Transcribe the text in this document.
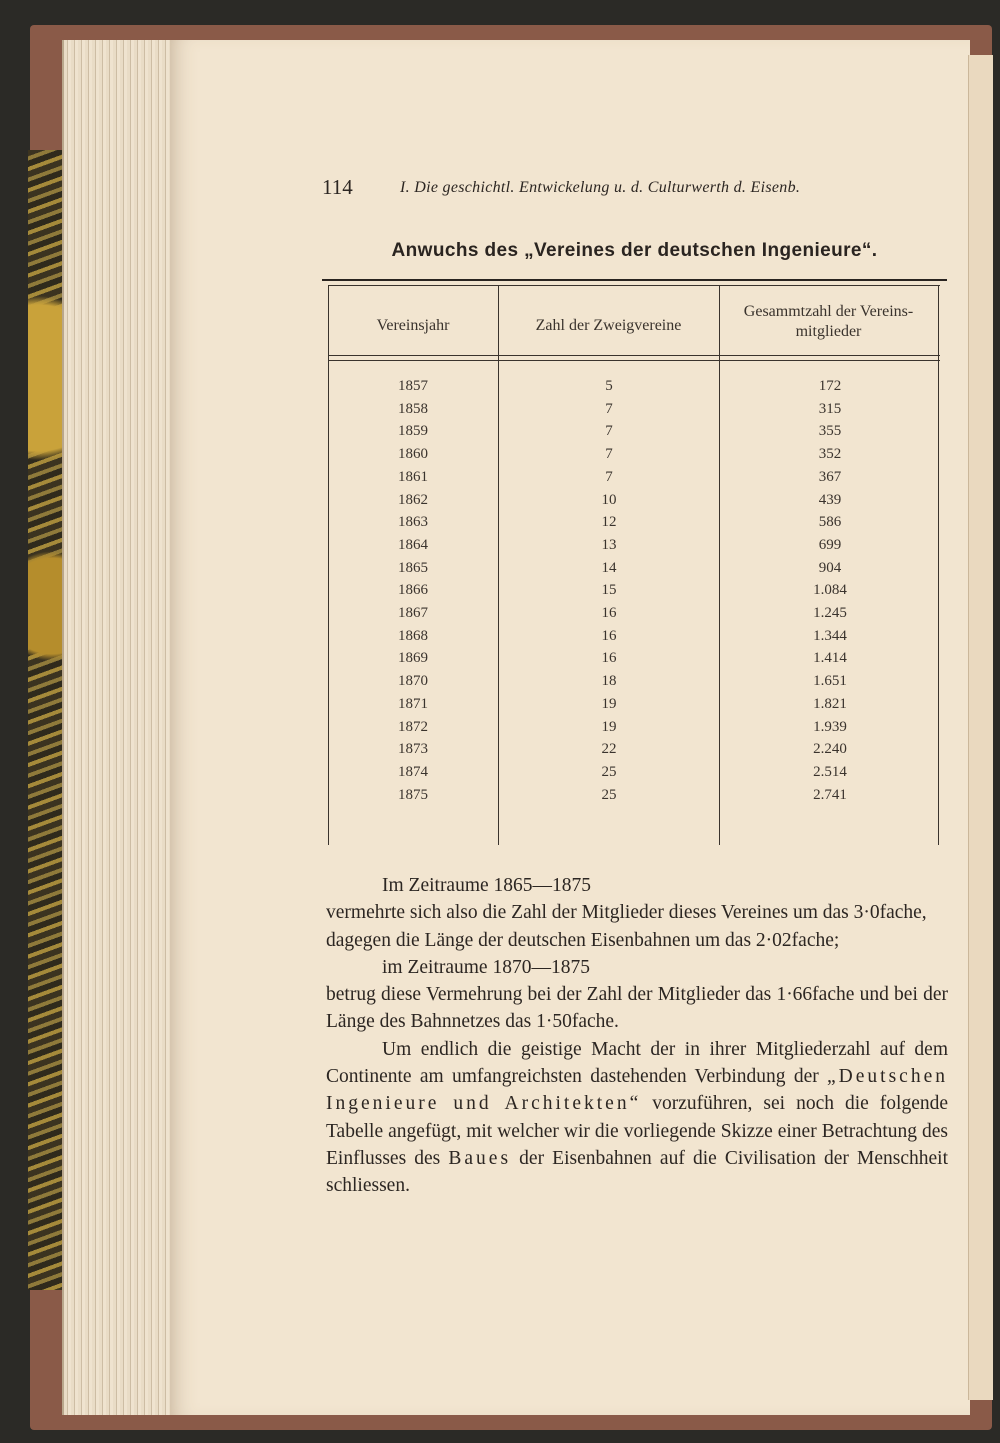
114	I. Die geschichtl. Entwickelung u. d. Culturwerth d. Eisenb.
Anwuchs des „Vereines der deutschen Ingenieure“.
Vereinsjahr	Zahl der Zweigvereine
Gesammtzahl der Vereins-
mitglieder
1857	5	172
1858	7	315
1859	7	355
1860	7	352
1861	7	367
1862	10	439
1863	12	586
1864	13	699
1865	14	904
1866	15	1.084
1867	16	1.245
1868	16	1.344
1869	16	1.414
1870	18	1.651
1871	19	1.821
1872	19	1.939
1873	22	2.240
1874	25	2.514
1875	25	2.741

Im Zeitraume 1865—1875

vermehrte sich also die Zahl der Mitglieder dieses Vereines um das 3·0fache,

dagegen die Länge der deutschen Eisenbahnen um das 2·02fache;

im Zeitraume 1870—1875

betrug diese Vermehrung bei der Zahl der Mitglieder das 1·66fache und bei der Länge des Bahnnetzes das 1·50fache.

Um endlich die geistige Macht der in ihrer Mitgliederzahl auf dem Continente am umfangreichsten dastehenden Verbindung der „Deutschen Ingenieure und Architekten“ vorzuführen, sei noch die folgende Tabelle angefügt, mit welcher wir die vorliegende Skizze einer Betrachtung des Einflusses des Baues der Eisenbahnen auf die Civilisation der Menschheit schliessen.
